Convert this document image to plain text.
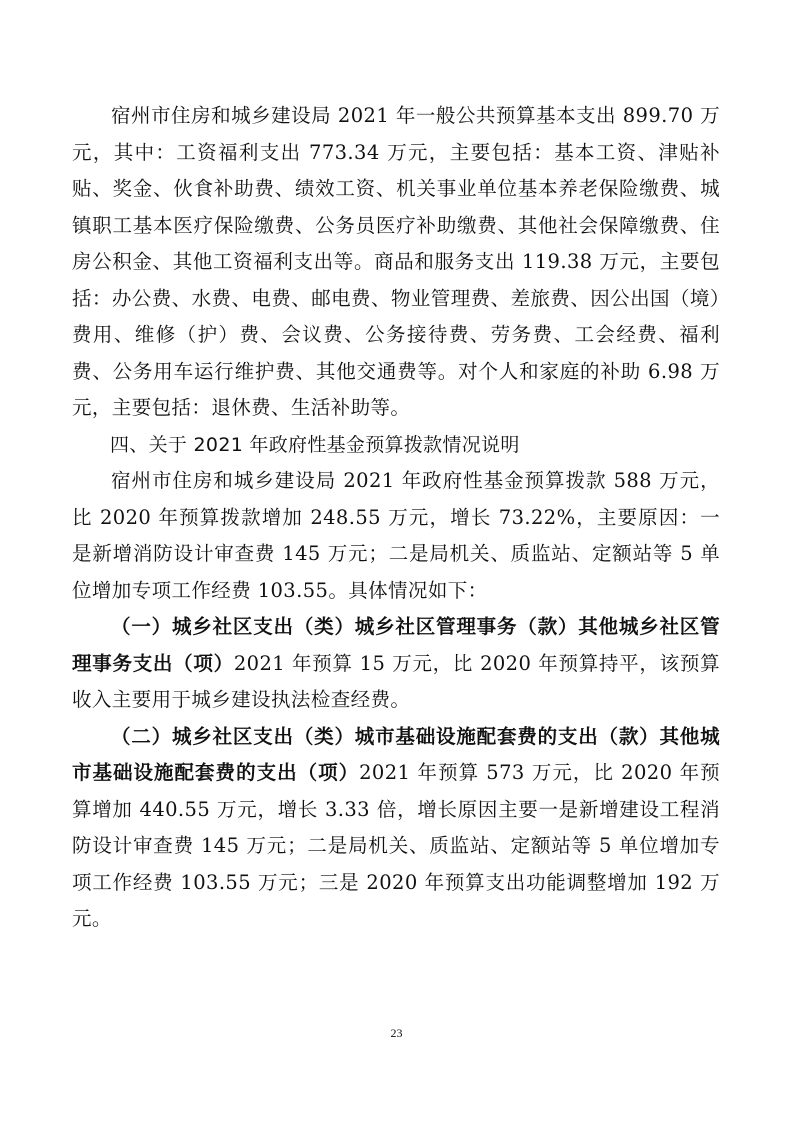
宿州市住房和城乡建设局 2021 年一般公共预算基本支出 899.70 万元，其中：工资福利支出 773.34 万元，主要包括：基本工资、津贴补贴、奖金、伙食补助费、绩效工资、机关事业单位基本养老保险缴费、城镇职工基本医疗保险缴费、公务员医疗补助缴费、其他社会保障缴费、住房公积金、其他工资福利支出等。商品和服务支出 119.38 万元，主要包括：办公费、水费、电费、邮电费、物业管理费、差旅费、因公出国（境）费用、维修（护）费、会议费、公务接待费、劳务费、工会经费、福利费、公务用车运行维护费、其他交通费等。对个人和家庭的补助 6.98 万元，主要包括：退休费、生活补助等。

四、关于 2021 年政府性基金预算拨款情况说明

宿州市住房和城乡建设局 2021 年政府性基金预算拨款 588 万元，比 2020 年预算拨款增加 248.55 万元，增长 73.22%，主要原因：一是新增消防设计审查费 145 万元；二是局机关、质监站、定额站等 5 单位增加专项工作经费 103.55。具体情况如下：

（一）城乡社区支出（类）城乡社区管理事务（款）其他城乡社区管理事务支出（项）2021 年预算 15 万元，比 2020 年预算持平，该预算收入主要用于城乡建设执法检查经费。

（二）城乡社区支出（类）城市基础设施配套费的支出（款）其他城市基础设施配套费的支出（项）2021 年预算 573 万元，比 2020 年预算增加 440.55 万元，增长 3.33 倍，增长原因主要一是新增建设工程消防设计审查费 145 万元；二是局机关、质监站、定额站等 5 单位增加专项工作经费 103.55 万元；三是 2020 年预算支出功能调整增加 192 万元。

23
